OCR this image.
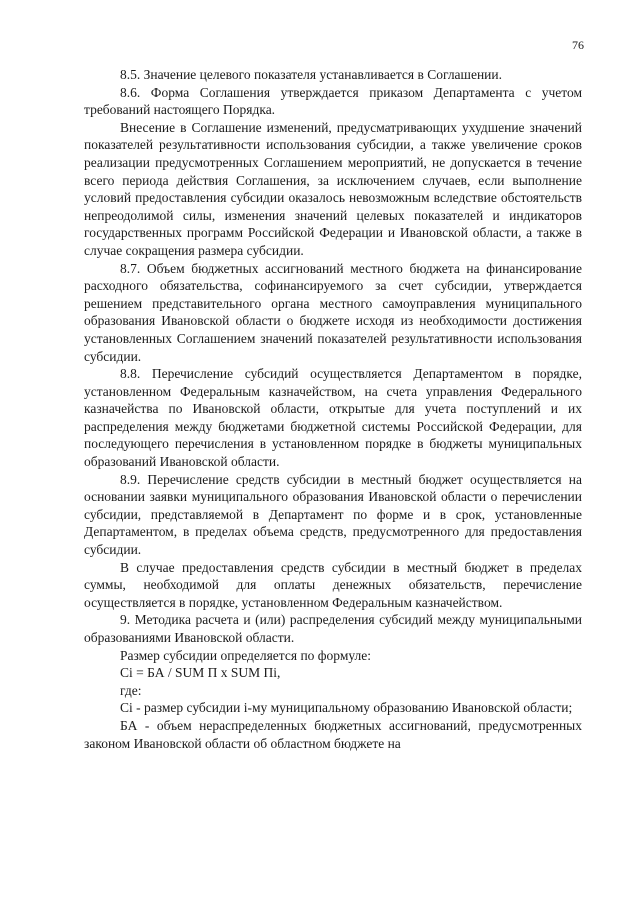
76

8.5. Значение целевого показателя устанавливается в Соглашении.

8.6. Форма Соглашения утверждается приказом Департамента с учетом требований настоящего Порядка.

Внесение в Соглашение изменений, предусматривающих ухудшение значений показателей результативности использования субсидии, а также увеличение сроков реализации предусмотренных Соглашением мероприятий, не допускается в течение всего периода действия Соглашения, за исключением случаев, если выполнение условий предоставления субсидии оказалось невозможным вследствие обстоятельств непреодолимой силы, изменения значений целевых показателей и индикаторов государственных программ Российской Федерации и Ивановской области, а также в случае сокращения размера субсидии.

8.7. Объем бюджетных ассигнований местного бюджета на финансирование расходного обязательства, софинансируемого за счет субсидии, утверждается решением представительного органа местного самоуправления муниципального образования Ивановской области о бюджете исходя из необходимости достижения установленных Соглашением значений показателей результативности использования субсидии.

8.8. Перечисление субсидий осуществляется Департаментом в порядке, установленном Федеральным казначейством, на счета управления Федерального казначейства по Ивановской области, открытые для учета поступлений и их распределения между бюджетами бюджетной системы Российской Федерации, для последующего перечисления в установленном порядке в бюджеты муниципальных образований Ивановской области.

8.9. Перечисление средств субсидии в местный бюджет осуществляется на основании заявки муниципального образования Ивановской области о перечислении субсидии, представляемой в Департамент по форме и в срок, установленные Департаментом, в пределах объема средств, предусмотренного для предоставления субсидии.

В случае предоставления средств субсидии в местный бюджет в пределах суммы, необходимой для оплаты денежных обязательств, перечисление осуществляется в порядке, установленном Федеральным казначейством.

9. Методика расчета и (или) распределения субсидий между муниципальными образованиями Ивановской области.

Размер субсидии определяется по формуле:

Сi = БА / SUM П x SUM Пi,

где:

Сi - размер субсидии i-му муниципальному образованию Ивановской области;

БА - объем нераспределенных бюджетных ассигнований, предусмотренных законом Ивановской области об областном бюджете на
